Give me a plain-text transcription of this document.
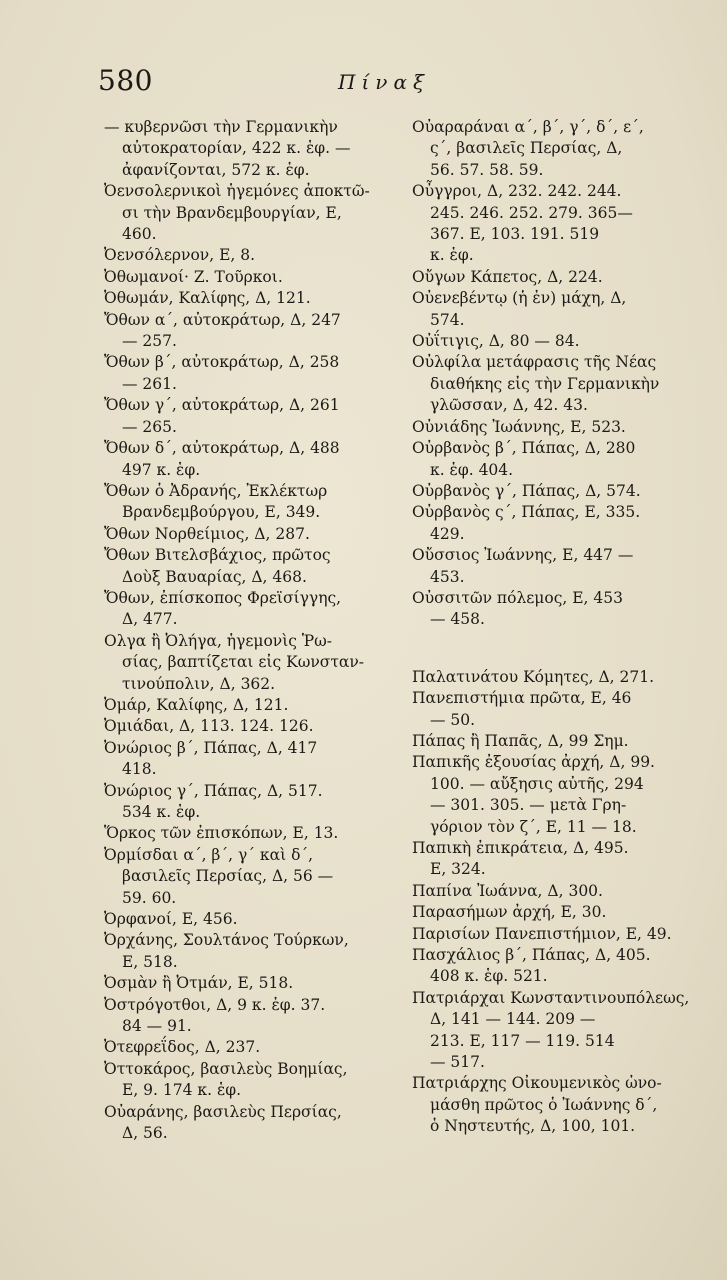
580	Πίναξ
— κυβερνῶσι τὴν Γερμανικὴν
αὐτοκρατορίαν, 422 κ. ἑφ. —
ἀφανίζονται, 572 κ. ἑφ.
Ὀενσολερνικοὶ ἡγεμόνες ἀποκτῶ-
σι τὴν Βρανδεμβουργίαν, Ε,
460.
Ὀενσόλερνον, Ε, 8.
Ὀθωμανοί· Ζ. Τοῦρκοι.
Ὀθωμάν, Καλίφης, Δ, 121.
Ὄθων α΄, αὐτοκράτωρ, Δ, 247
— 257.
Ὄθων β΄, αὐτοκράτωρ, Δ, 258
— 261.
Ὄθων γ΄, αὐτοκράτωρ, Δ, 261
— 265.
Ὄθων δ΄, αὐτοκράτωρ, Δ, 488
497 κ. ἑφ.
Ὄθων ὁ Ἀδρανής, Ἐκλέκτωρ
Βρανδεμβούργου, Ε, 349.
Ὄθων Νορθείμιος, Δ, 287.
Ὄθων Βιτελσβάχιος, πρῶτος
Δοὺξ Βαυαρίας, Δ, 468.
Ὄθων, ἐπίσκοπος Φρεϊσίγγης,
Δ, 477.
Ολγα ἢ Ὀλήγα, ἡγεμονὶς Ῥω-
σίας, βαπτίζεται εἰς Κωνσταν-
τινούπολιν, Δ, 362.
Ὀμάρ, Καλίφης, Δ, 121.
Ὀμιάδαι, Δ, 113. 124. 126.
Ὀνώριος β΄, Πάπας, Δ, 417
418.
Ὀνώριος γ΄, Πάπας, Δ, 517.
534 κ. ἑφ.
Ὅρκος τῶν ἐπισκόπων, Ε, 13.
Ὀρμίσδαι α΄, β΄, γ΄ καὶ δ΄,
βασιλεῖς Περσίας, Δ, 56 —
59. 60.
Ὀρφανοί, Ε, 456.
Ὀρχάνης, Σουλτάνος Τούρκων,
Ε, 518.
Ὀσμὰν ἢ Ὀτμάν, Ε, 518.
Ὀστρόγοτθοι, Δ, 9 κ. ἑφ. 37.
84 — 91.
Ὀτεφρεΐδος, Δ, 237.
Ὀττοκάρος, βασιλεὺς Βοημίας,
Ε, 9. 174 κ. ἑφ.
Οὐαράνης, βασιλεὺς Περσίας,
Δ, 56.
Οὐαραράναι α΄, β΄, γ΄, δ΄, ε΄,
ς΄, βασιλεῖς Περσίας, Δ,
56. 57. 58. 59.
Οὖγγροι, Δ, 232. 242. 244.
245. 246. 252. 279. 365—
367. Ε, 103. 191. 519
κ. ἑφ.
Οὔγων Κάπετος, Δ, 224.
Οὐενεβέντῳ (ἡ ἐν) μάχη, Δ,
574.
Οὐΐτιγις, Δ, 80 — 84.
Οὐλφίλα μετάφρασις τῆς Νέας
διαθήκης εἰς τὴν Γερμανικὴν
γλῶσσαν, Δ, 42. 43.
Οὐνιάδης Ἰωάννης, Ε, 523.
Οὐρβανὸς β΄, Πάπας, Δ, 280
κ. ἑφ. 404.
Οὐρβανὸς γ΄, Πάπας, Δ, 574.
Οὐρβανὸς ς΄, Πάπας, Ε, 335.
429.
Οὔσσιος Ἰωάννης, Ε, 447 —
453.
Οὐσσιτῶν πόλεμος, Ε, 453
— 458.
Παλατινάτου Κόμητες, Δ, 271.
Πανεπιστήμια πρῶτα, Ε, 46
— 50.
Πάπας ἢ Παπᾶς, Δ, 99 Σημ.
Παπικῆς ἐξουσίας ἀρχή, Δ, 99.
100. — αὔξησις αὐτῆς, 294
— 301. 305. — μετὰ Γρη-
γόριον τὸν ζ΄, Ε, 11 — 18.
Παπικὴ ἐπικράτεια, Δ, 495.
Ε, 324.
Παπίνα Ἰωάννα, Δ, 300.
Παρασήμων ἀρχή, Ε, 30.
Παρισίων Πανεπιστήμιον, Ε, 49.
Πασχάλιος β΄, Πάπας, Δ, 405.
408 κ. ἑφ. 521.
Πατριάρχαι Κωνσταντινουπόλεως,
Δ, 141 — 144. 209 —
213. Ε, 117 — 119. 514
— 517.
Πατριάρχης Οἰκουμενικὸς ὠνο-
μάσθη πρῶτος ὁ Ἰωάννης δ΄,
ὁ Νηστευτής, Δ, 100, 101.
